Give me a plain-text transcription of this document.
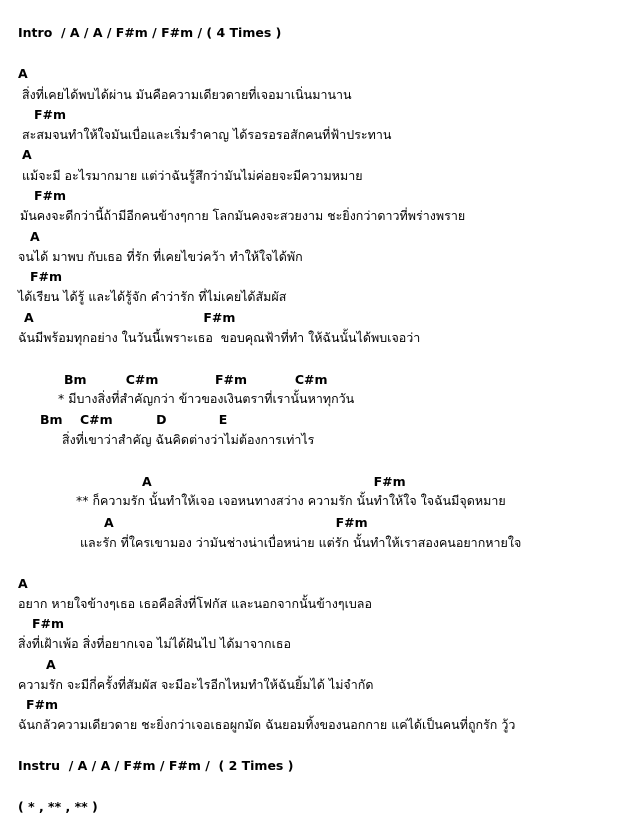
Intro  / A / A / F#m / F#m / ( 4 Times )
A
สิ่งที่เคยได้พบได้ผ่าน มันคือความเดียวดายที่เจอมาเนิ่นมานาน
F#m
สะสมจนทำให้ใจมันเบื่อและเริ่มรำคาญ ได้รอรอรอสักคนที่ฟ้าประทาน
A
แม้จะมี อะไรมากมาย แต่ว่าฉันรู้สึกว่ามันไม่ค่อยจะมีความหมาย
F#m
มันคงจะดีกว่านี้ถ้ามีอีกคนข้างๆกาย โลกมันคงจะสวยงาม ชะยิ่งกว่าดาวที่พร่างพราย
A
จนได้ มาพบ กับเธอ ที่รัก ที่เคยไขว่คว้า ทำให้ใจได้พัก
F#m
ได้เรียน ได้รู้ และได้รู้จัก คำว่ารัก ที่ไม่เคยได้สัมผัส
A                                       F#m
ฉันมีพร้อมทุกอย่าง ในวันนี้เพราะเธอ  ขอบคุณฟ้าที่ทำ ให้ฉันนั้นได้พบเจอว่า
Bm         C#m             F#m           C#m
* มีบางสิ่งที่สำคัญกว่า ข้าวของเงินตราที่เรานั้นหาทุกวัน
Bm    C#m          D            E
สิ่งที่เขาว่าสำคัญ ฉันคิดต่างว่าไม่ต้องการเท่าไร
A                                                   F#m
** ก็ความรัก นั้นทำให้เจอ เจอหนทางสว่าง ความรัก นั้นทำให้ใจ ใจฉันมีจุดหมาย
A                                                   F#m
และรัก ที่ใครเขามอง ว่ามันช่างน่าเบื่อหน่าย แต่รัก นั้นทำให้เราสองคนอยากหายใจ
A
อยาก หายใจข้างๆเธอ เธอคือสิ่งที่โฟกัส และนอกจากนั้นข้างๆเบลอ
F#m
สิ่งที่เฝ้าเพ้อ สิ่งที่อยากเจอ ไม่ได้ฝันไป ได้มาจากเธอ
A
ความรัก จะมีกี่ครั้งที่สัมผัส จะมีอะไรอีกไหมทำให้ฉันยิ้มได้ ไม่จำกัด
F#m
ฉันกลัวความเดียวดาย ชะยิ่งกว่าเจอเธอผูกมัด ฉันยอมทิ้งของนอกกาย แค่ได้เป็นคนที่ถูกรัก วู้ว
Instru  / A / A / F#m / F#m /  ( 2 Times )
( * , ** , ** )
